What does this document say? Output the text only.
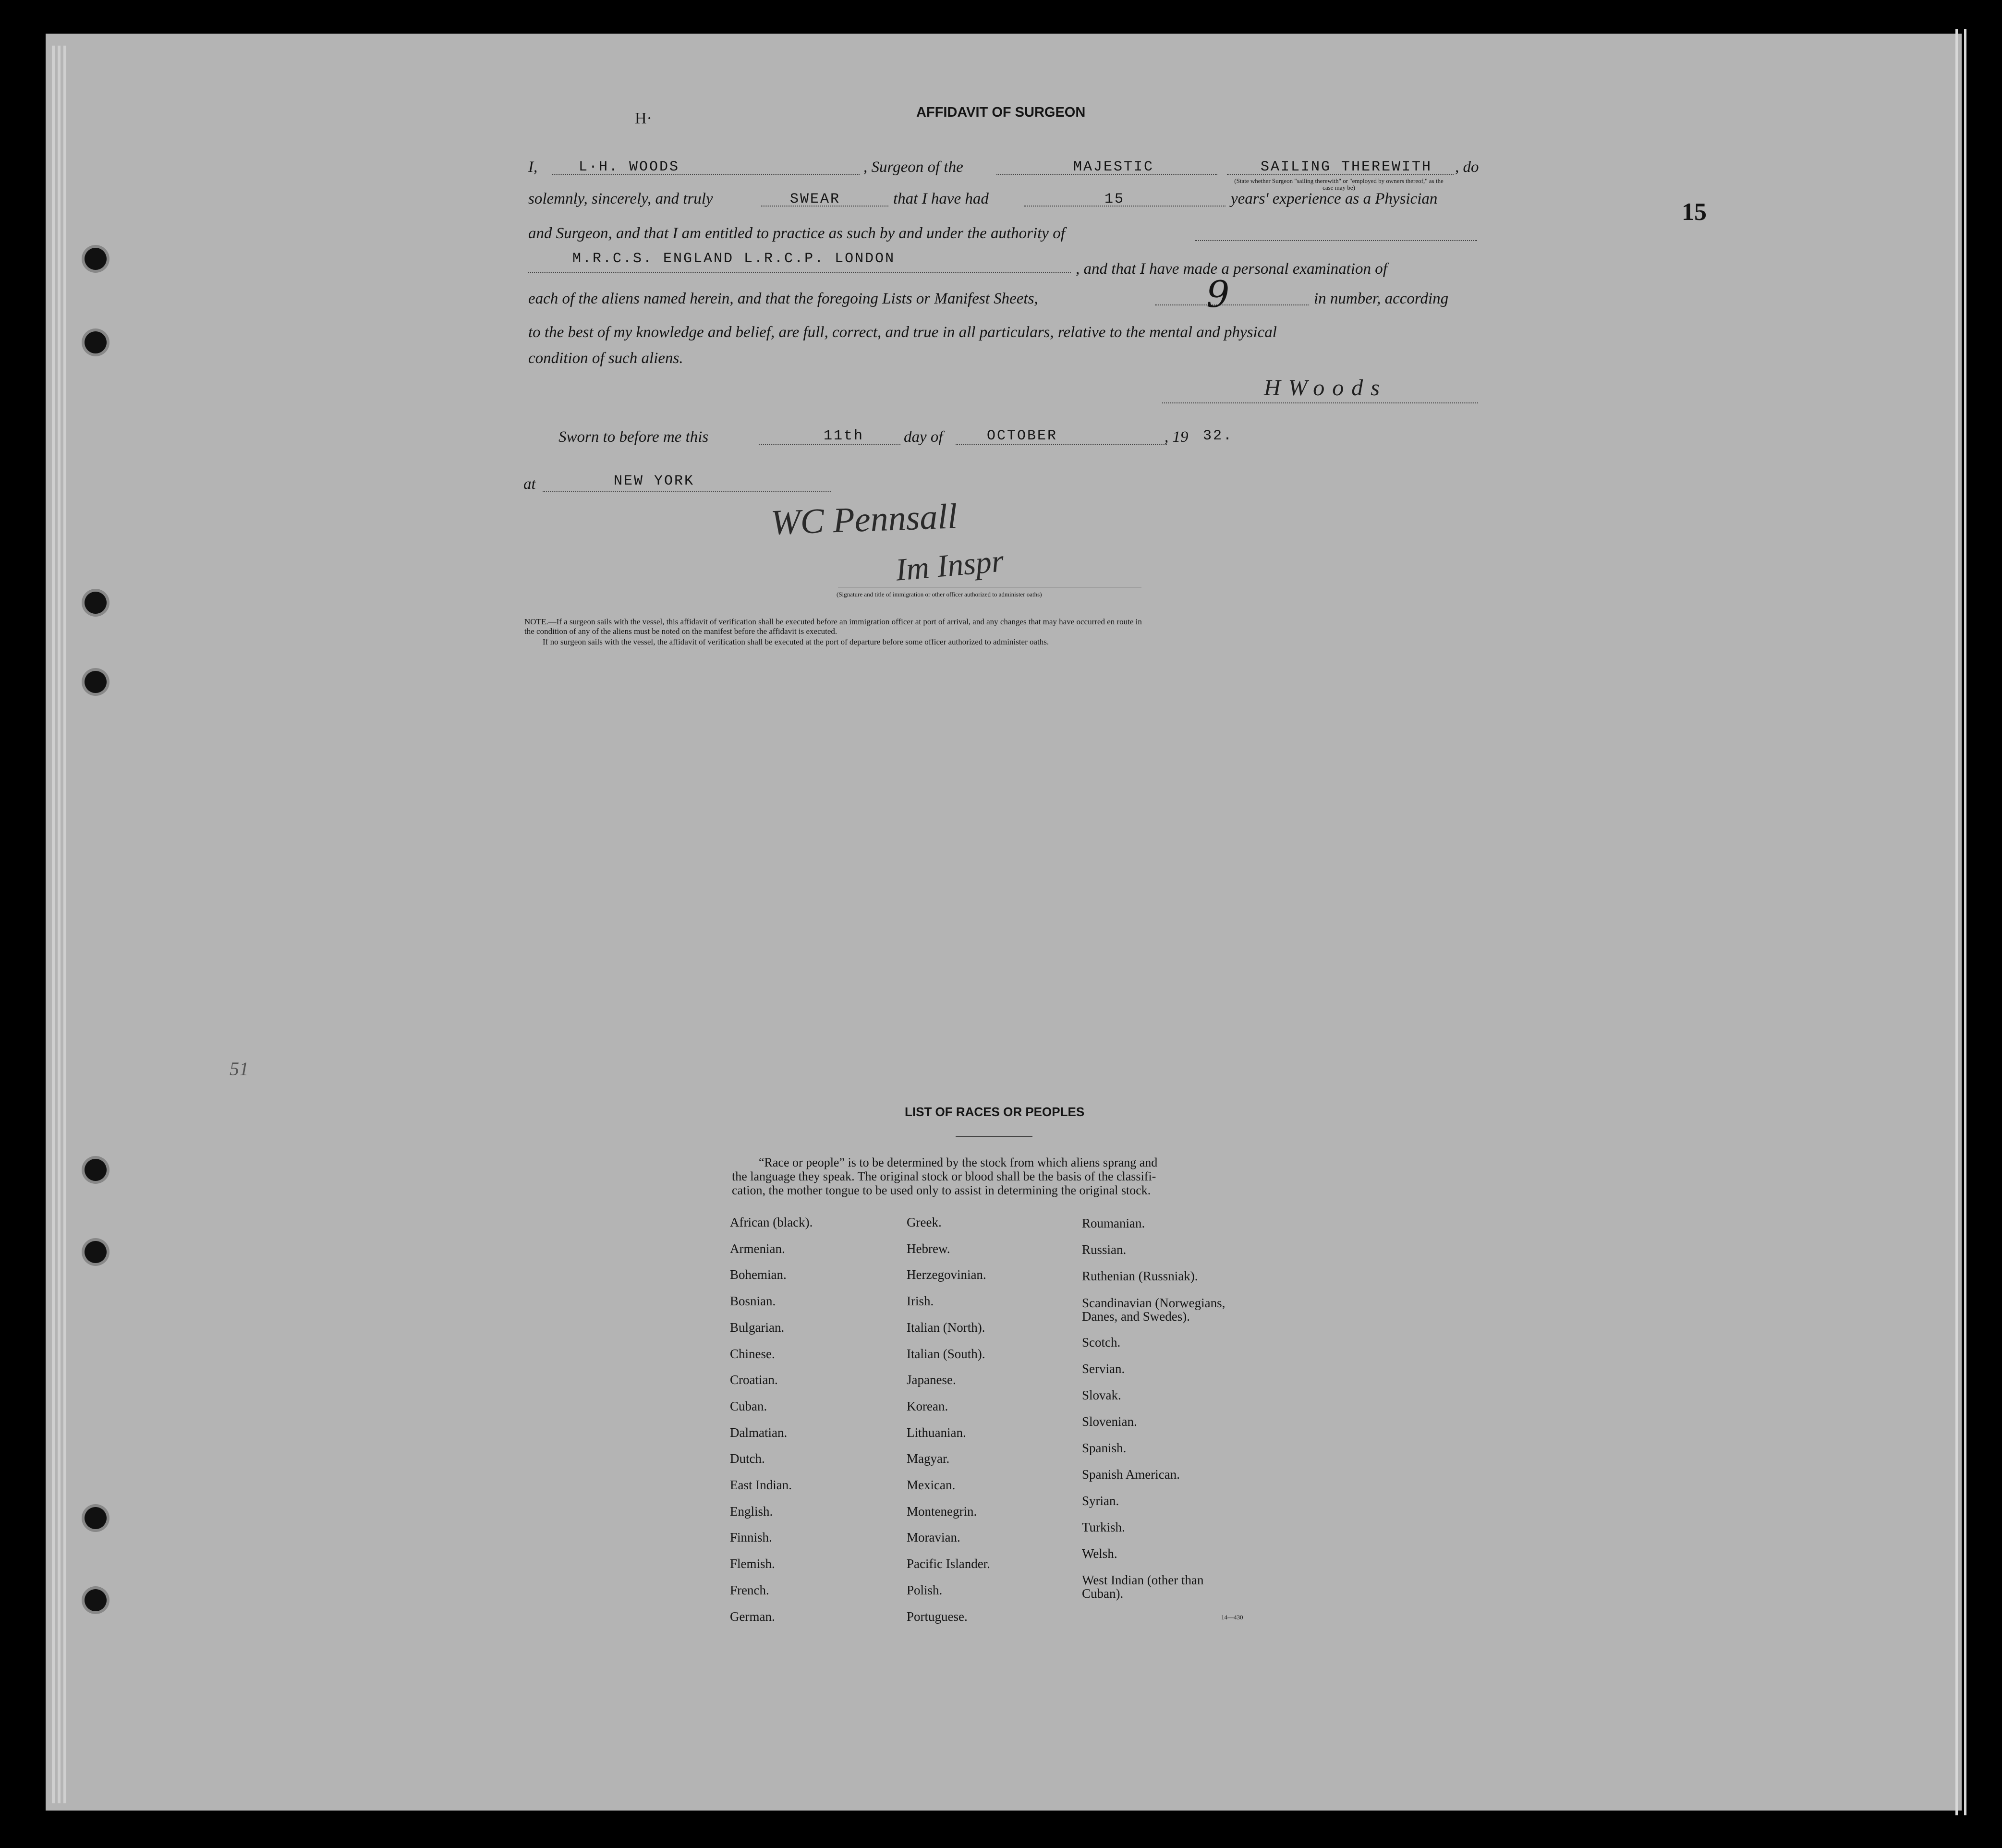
H·
15
51
AFFIDAVIT OF SURGEON
I,	L·H. WOODS	, Surgeon of the	MAJESTIC	SAILING THEREWITH , do
(State whether Surgeon "sailing therewith" or "employed by owners thereof," as the case may be)
solemnly, sincerely, and truly	SWEAR	that I have had	15	years' experience as a Physician
and Surgeon, and that I am entitled to practice as such by and under the authority of
M.R.C.S. ENGLAND L.R.C.P. LONDON
, and that I have made a personal examination of
each of the aliens named herein, and that the foregoing Lists or Manifest Sheets,	9	in number, according
to the best of my knowledge and belief, are full, correct, and true in all particulars, relative to the mental and physical
condition of such aliens.
HWoods
Sworn to before me this	11th	day of	OCTOBER	, 19 32.
at	NEW YORK
WC Pennsall
Im Inspr
(Signature and title of immigration or other officer authorized to administer oaths)
NOTE.—If a surgeon sails with the vessel, this affidavit of verification shall be executed before an immigration officer at port of arrival, and any changes that may have occurred en route in
the condition of any of the aliens must be noted on the manifest before the affidavit is executed.
If no surgeon sails with the vessel, the affidavit of verification shall be executed at the port of departure before some officer authorized to administer oaths.
LIST OF RACES OR PEOPLES
“Race or people” is to be determined by the stock from which aliens sprang and
the language they speak. The original stock or blood shall be the basis of the classifi-
cation, the mother tongue to be used only to assist in determining the original stock.
African (black).
Armenian.
Bohemian.
Bosnian.
Bulgarian.
Chinese.
Croatian.
Cuban.
Dalmatian.
Dutch.
East Indian.
English.
Finnish.
Flemish.
French.
German.
Greek.
Hebrew.
Herzegovinian.
Irish.
Italian (North).
Italian (South).
Japanese.
Korean.
Lithuanian.
Magyar.
Mexican.
Montenegrin.
Moravian.
Pacific Islander.
Polish.
Portuguese.
Roumanian.
Russian.
Ruthenian (Russniak).
Scandinavian (Norwegians,
Danes, and Swedes).
Scotch.
Servian.
Slovak.
Slovenian.
Spanish.
Spanish American.
Syrian.
Turkish.
Welsh.
West Indian (other than
Cuban).
14—430
